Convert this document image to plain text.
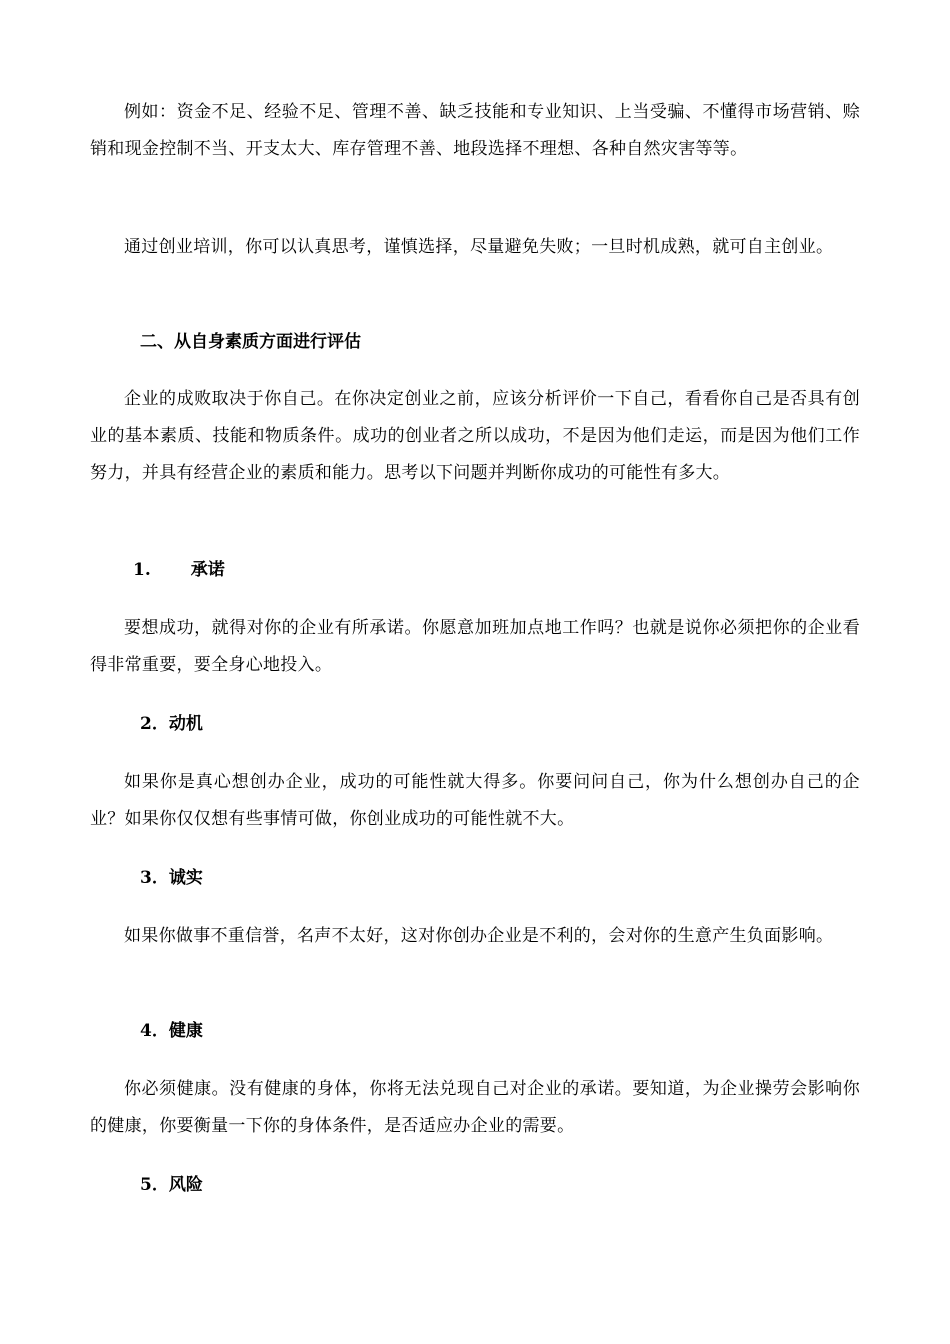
例如：资金不足、经验不足、管理不善、缺乏技能和专业知识、上当受骗、不懂得市场营销、赊销和现金控制不当、开支太大、库存管理不善、地段选择不理想、各种自然灾害等等。

通过创业培训，你可以认真思考，谨慎选择，尽量避免失败；一旦时机成熟，就可自主创业。

二、从自身素质方面进行评估

企业的成败取决于你自己。在你决定创业之前，应该分析评价一下自己，看看你自己是否具有创业的基本素质、技能和物质条件。成功的创业者之所以成功，不是因为他们走运，而是因为他们工作努力，并具有经营企业的素质和能力。思考以下问题并判断你成功的可能性有多大。

1. 承诺

要想成功，就得对你的企业有所承诺。你愿意加班加点地工作吗？也就是说你必须把你的企业看得非常重要，要全身心地投入。

2．动机

如果你是真心想创办企业，成功的可能性就大得多。你要问问自己，你为什么想创办自己的企业？如果你仅仅想有些事情可做，你创业成功的可能性就不大。

3．诚实

如果你做事不重信誉，名声不太好，这对你创办企业是不利的，会对你的生意产生负面影响。

4．健康

你必须健康。没有健康的身体，你将无法兑现自己对企业的承诺。要知道，为企业操劳会影响你的健康，你要衡量一下你的身体条件，是否适应办企业的需要。

5．风险
